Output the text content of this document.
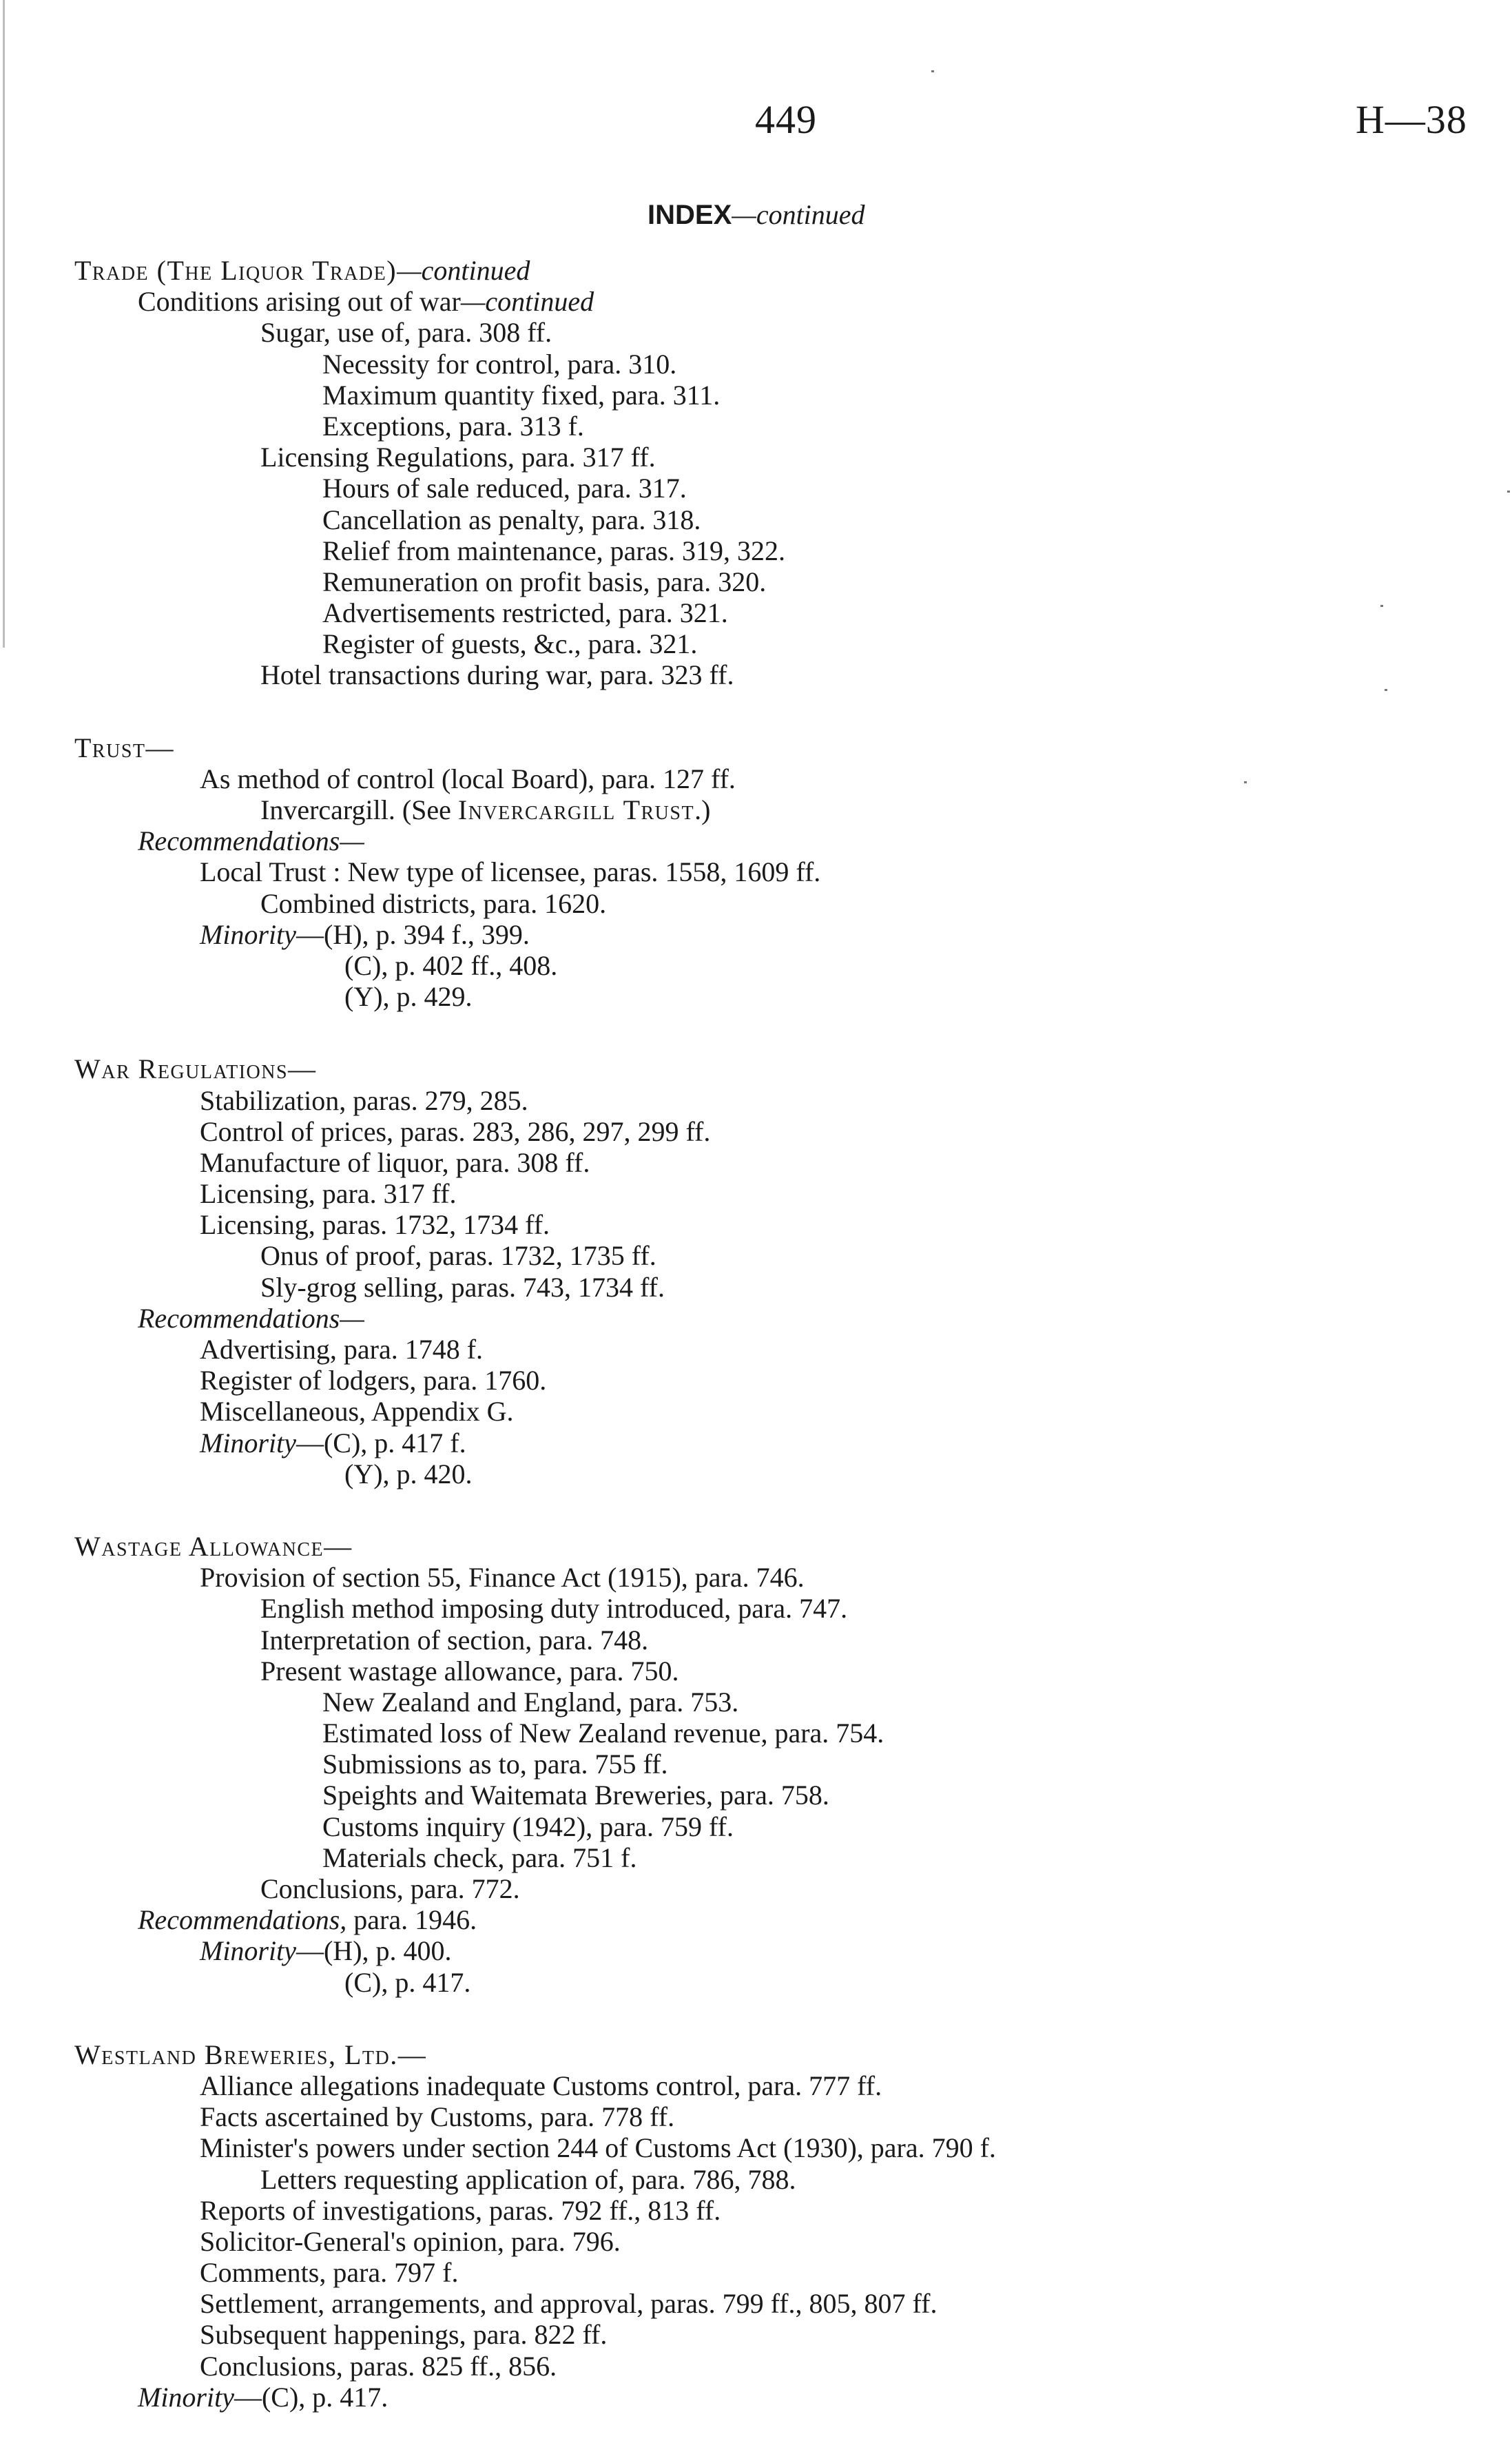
449	H—38
INDEX—continued
Trade (The Liquor Trade)—continued
Conditions arising out of war—continued
Sugar, use of, para. 308 ff.
Necessity for control, para. 310.
Maximum quantity fixed, para. 311.
Exceptions, para. 313 f.
Licensing Regulations, para. 317 ff.
Hours of sale reduced, para. 317.
Cancellation as penalty, para. 318.
Relief from maintenance, paras. 319, 322.
Remuneration on profit basis, para. 320.
Advertisements restricted, para. 321.
Register of guests, &c., para. 321.
Hotel transactions during war, para. 323 ff.
Trust—
As method of control (local Board), para. 127 ff.
Invercargill. (See Invercargill Trust.)
Recommendations—
Local Trust : New type of licensee, paras. 1558, 1609 ff.
Combined districts, para. 1620.
Minority—(H), p. 394 f., 399.
(C), p. 402 ff., 408.
(Y), p. 429.
War Regulations—
Stabilization, paras. 279, 285.
Control of prices, paras. 283, 286, 297, 299 ff.
Manufacture of liquor, para. 308 ff.
Licensing, para. 317 ff.
Licensing, paras. 1732, 1734 ff.
Onus of proof, paras. 1732, 1735 ff.
Sly-grog selling, paras. 743, 1734 ff.
Recommendations—
Advertising, para. 1748 f.
Register of lodgers, para. 1760.
Miscellaneous, Appendix G.
Minority—(C), p. 417 f.
(Y), p. 420.
Wastage Allowance—
Provision of section 55, Finance Act (1915), para. 746.
English method imposing duty introduced, para. 747.
Interpretation of section, para. 748.
Present wastage allowance, para. 750.
New Zealand and England, para. 753.
Estimated loss of New Zealand revenue, para. 754.
Submissions as to, para. 755 ff.
Speights and Waitemata Breweries, para. 758.
Customs inquiry (1942), para. 759 ff.
Materials check, para. 751 f.
Conclusions, para. 772.
Recommendations, para. 1946.
Minority—(H), p. 400.
(C), p. 417.
Westland Breweries, Ltd.—
Alliance allegations inadequate Customs control, para. 777 ff.
Facts ascertained by Customs, para. 778 ff.
Minister's powers under section 244 of Customs Act (1930), para. 790 f.
Letters requesting application of, para. 786, 788.
Reports of investigations, paras. 792 ff., 813 ff.
Solicitor-General's opinion, para. 796.
Comments, para. 797 f.
Settlement, arrangements, and approval, paras. 799 ff., 805, 807 ff.
Subsequent happenings, para. 822 ff.
Conclusions, paras. 825 ff., 856.
Minority—(C), p. 417.
